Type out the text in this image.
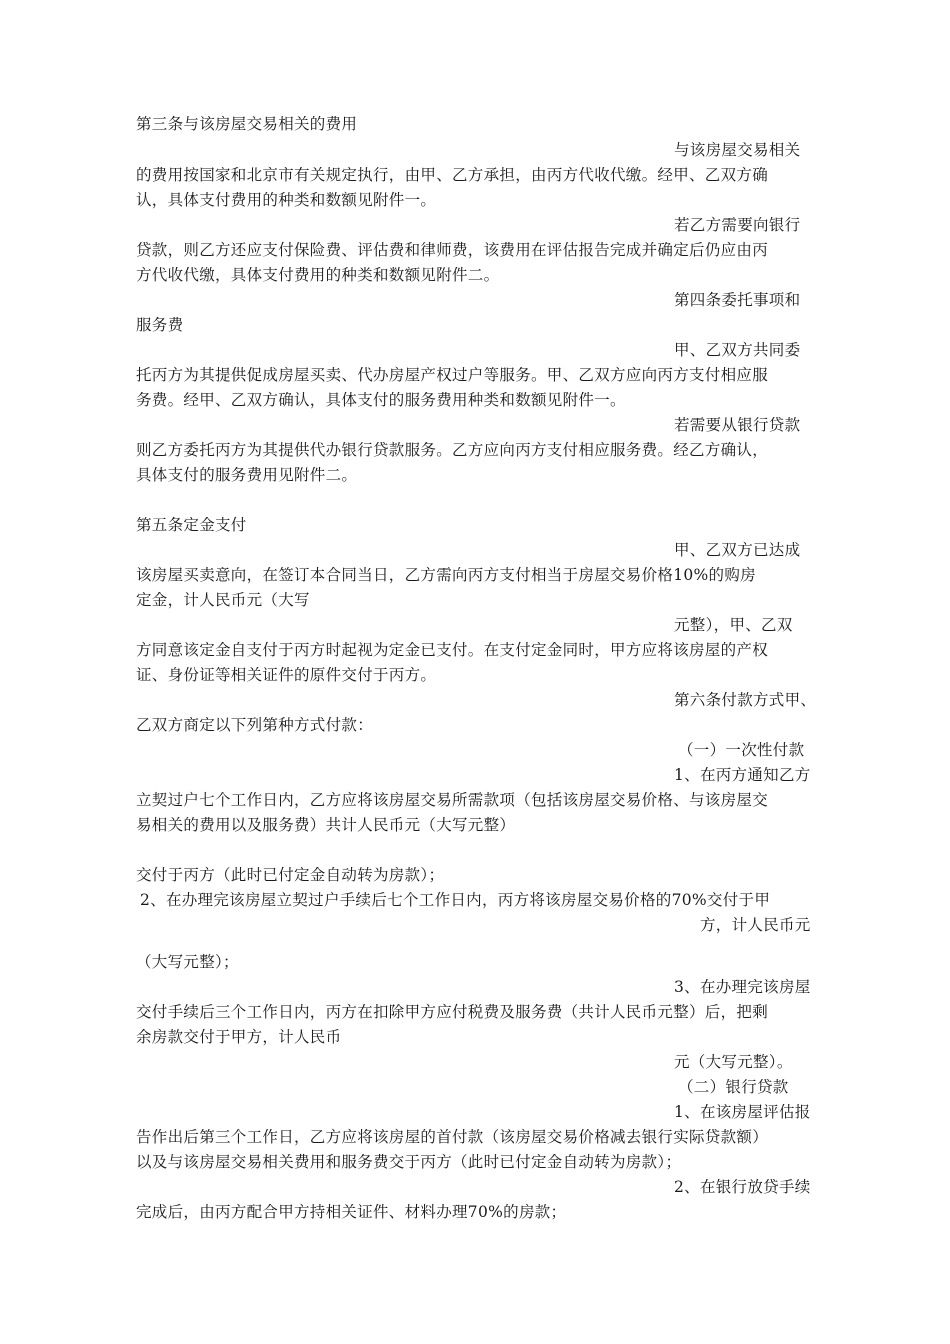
第三条与该房屋交易相关的费用
与该房屋交易相关
的费用按国家和北京市有关规定执行，由甲、乙方承担，由丙方代收代缴。经甲、乙双方确
认，具体支付费用的种类和数额见附件一。
若乙方需要向银行
贷款，则乙方还应支付保险费、评估费和律师费，该费用在评估报告完成并确定后仍应由丙
方代收代缴，具体支付费用的种类和数额见附件二。
第四条委托事项和
服务费
甲、乙双方共同委
托丙方为其提供促成房屋买卖、代办房屋产权过户等服务。甲、乙双方应向丙方支付相应服
务费。经甲、乙双方确认，具体支付的服务费用种类和数额见附件一。
若需要从银行贷款
则乙方委托丙方为其提供代办银行贷款服务。乙方应向丙方支付相应服务费。经乙方确认，
具体支付的服务费用见附件二。
第五条定金支付
甲、乙双方已达成
该房屋买卖意向，在签订本合同当日，乙方需向丙方支付相当于房屋交易价格10%的购房
定金，计人民币元（大写
元整），甲、乙双
方同意该定金自支付于丙方时起视为定金已支付。在支付定金同时，甲方应将该房屋的产权
证、身份证等相关证件的原件交付于丙方。
第六条付款方式甲、
乙双方商定以下列第种方式付款：
（一）一次性付款
1、在丙方通知乙方
立契过户七个工作日内，乙方应将该房屋交易所需款项（包括该房屋交易价格、与该房屋交
易相关的费用以及服务费）共计人民币元（大写元整）
交付于丙方（此时已付定金自动转为房款）；
2、在办理完该房屋立契过户手续后七个工作日内，丙方将该房屋交易价格的70%交付于甲
方，计人民币元
（大写元整）；
3、在办理完该房屋
交付手续后三个工作日内，丙方在扣除甲方应付税费及服务费（共计人民币元整）后，把剩
余房款交付于甲方，计人民币
元（大写元整）。
（二）银行贷款
1、在该房屋评估报
告作出后第三个工作日，乙方应将该房屋的首付款（该房屋交易价格减去银行实际贷款额）
以及与该房屋交易相关费用和服务费交于丙方（此时已付定金自动转为房款）；
2、在银行放贷手续
完成后，由丙方配合甲方持相关证件、材料办理70%的房款；
